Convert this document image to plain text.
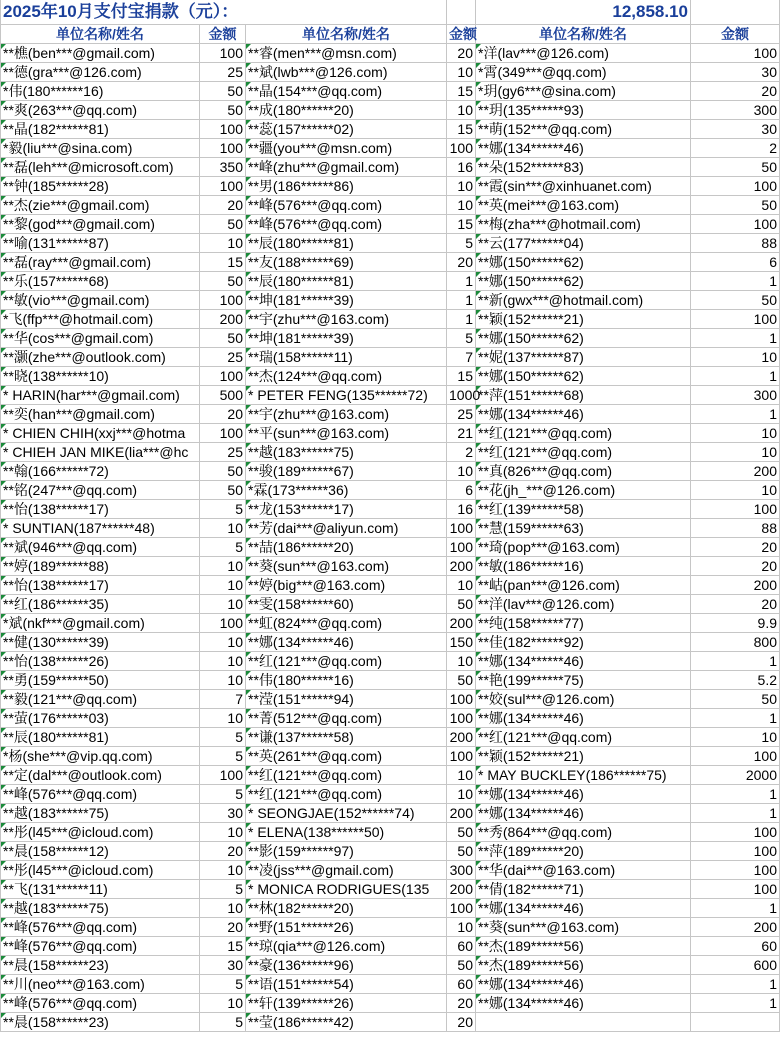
2025年10月支付宝捐款（元）：				12,858.10	
单位名称/姓名	金额	单位名称/姓名	金额	单位名称/姓名	金额
**樵(ben***@gmail.com)	100	**睿(men***@msn.com)	20	*洋(lav***@126.com)	100
**德(gra***@126.com)	25	**斌(lwb***@126.com)	10	*霄(349***@qq.com)	30
*伟(180******16)	50	**晶(154***@qq.com)	15	*玥(gy6***@sina.com)	20
**爽(263***@qq.com)	50	**成(180******20)	10	**玥(135******93)	300
**晶(182******81)	100	**蕊(157******02)	15	**萌(152***@qq.com)	30
*毅(liu***@sina.com)	100	**疆(you***@msn.com)	100	**娜(134******46)	2
**磊(leh***@microsoft.com)	350	**峰(zhu***@gmail.com)	16	**朵(152******83)	50
**钟(185******28)	100	**男(186******86)	10	**霞(sin***@xinhuanet.com)	100
**杰(zie***@gmail.com)	20	**峰(576***@qq.com)	10	**英(mei***@163.com)	50
**黎(god***@gmail.com)	50	**峰(576***@qq.com)	15	**梅(zha***@hotmail.com)	100
**喻(131******87)	10	**辰(180******81)	5	**云(177******04)	88
**磊(ray***@gmail.com)	15	**友(188******69)	20	**娜(150******62)	6
**乐(157******68)	50	**辰(180******81)	1	**娜(150******62)	1
**敏(vio***@gmail.com)	100	**坤(181******39)	1	**新(gwx***@hotmail.com)	50
*飞(ffp***@hotmail.com)	200	**宇(zhu***@163.com)	1	**颖(152******21)	100
**华(cos***@gmail.com)	50	**坤(181******39)	5	**娜(150******62)	1
**灏(zhe***@outlook.com)	25	**瑞(158******11)	7	**妮(137******87)	10
**晓(138******10)	100	**杰(124***@qq.com)	15	**娜(150******62)	1
* HARIN(har***@gmail.com)	500	* PETER FENG(135******72)	1000	**萍(151******68)	300
**奕(han***@gmail.com)	20	**宇(zhu***@163.com)	25	**娜(134******46)	1
* CHIEN CHIH(xxj***@hotma	100	**平(sun***@163.com)	21	**红(121***@qq.com)	10
* CHIEH JAN MIKE(lia***@hc	25	**越(183******75)	2	**红(121***@qq.com)	10
**翰(166******72)	50	**骏(189******67)	10	**真(826***@qq.com)	200
**铭(247***@qq.com)	50	*霖(173******36)	6	**花(jh_***@126.com)	10
**怡(138******17)	5	**龙(153******17)	16	**红(139******58)	100
* SUNTIAN(187******48)	10	**芳(dai***@aliyun.com)	100	**慧(159******63)	88
**斌(946***@qq.com)	5	**喆(186******20)	100	**琦(pop***@163.com)	20
**婷(189******88)	10	**葵(sun***@163.com)	200	**敏(186******16)	20
**怡(138******17)	10	**婷(big***@163.com)	10	**岵(pan***@126.com)	200
**红(186******35)	10	**雯(158******60)	50	**洋(lav***@126.com)	20
*斌(nkf***@gmail.com)	100	**虹(824***@qq.com)	200	**纯(158******77)	9.9
**健(130******39)	10	**娜(134******46)	150	**佳(182******92)	800
**怡(138******26)	10	**红(121***@qq.com)	10	**娜(134******46)	1
**勇(159******50)	10	**伟(180******16)	50	**艳(199******75)	5.2
**毅(121***@qq.com)	7	**滢(151******94)	100	**姣(sul***@126.com)	50
**萤(176******03)	10	**菁(512***@qq.com)	100	**娜(134******46)	1
**辰(180******81)	5	**谦(137******58)	200	**红(121***@qq.com)	10
*杨(she***@vip.qq.com)	5	**英(261***@qq.com)	100	**颖(152******21)	100
**定(dal***@outlook.com)	100	**红(121***@qq.com)	10	* MAY BUCKLEY(186******75)	2000
**峰(576***@qq.com)	5	**红(121***@qq.com)	10	**娜(134******46)	1
**越(183******75)	30	* SEONGJAE(152******74)	200	**娜(134******46)	1
**彤(l45***@icloud.com)	10	* ELENA(138******50)	50	**秀(864***@qq.com)	100
**晨(158******12)	20	**影(159******97)	50	**萍(189******20)	100
**彤(l45***@icloud.com)	10	**凌(jss***@gmail.com)	300	**华(dai***@163.com)	100
**飞(131******11)	5	* MONICA RODRIGUES(135	200	**倩(182******71)	100
**越(183******75)	10	**林(182******20)	100	**娜(134******46)	1
**峰(576***@qq.com)	20	**野(151******26)	10	**葵(sun***@163.com)	200
**峰(576***@qq.com)	15	**琼(qia***@126.com)	60	**杰(189******56)	60
**晨(158******23)	30	**豪(136******96)	50	**杰(189******56)	600
**川(neo***@163.com)	5	**语(151******54)	60	**娜(134******46)	1
**峰(576***@qq.com)	10	**轩(139******26)	20	**娜(134******46)	1
**晨(158******23)	5	**莹(186******42)	20		
